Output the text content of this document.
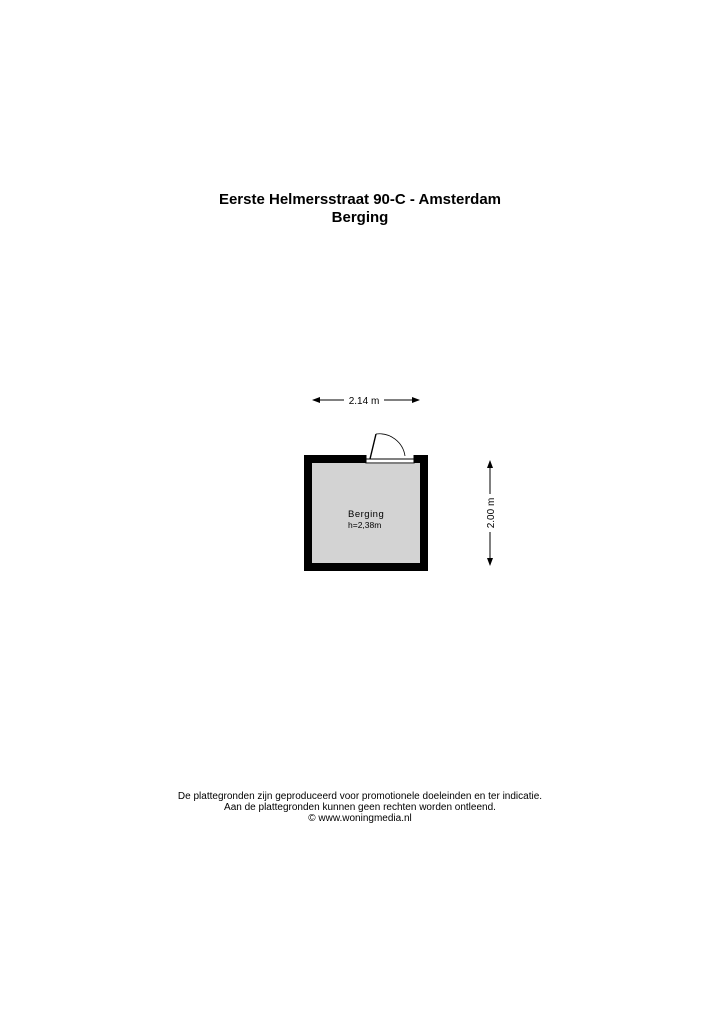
Eerste Helmersstraat 90-C - Amsterdam
Berging
2.14 m
2.00 m
Berging
h=2,38m
De plattegronden zijn geproduceerd voor promotionele doeleinden en ter indicatie.
Aan de plattegronden kunnen geen rechten worden ontleend.
© www.woningmedia.nl
